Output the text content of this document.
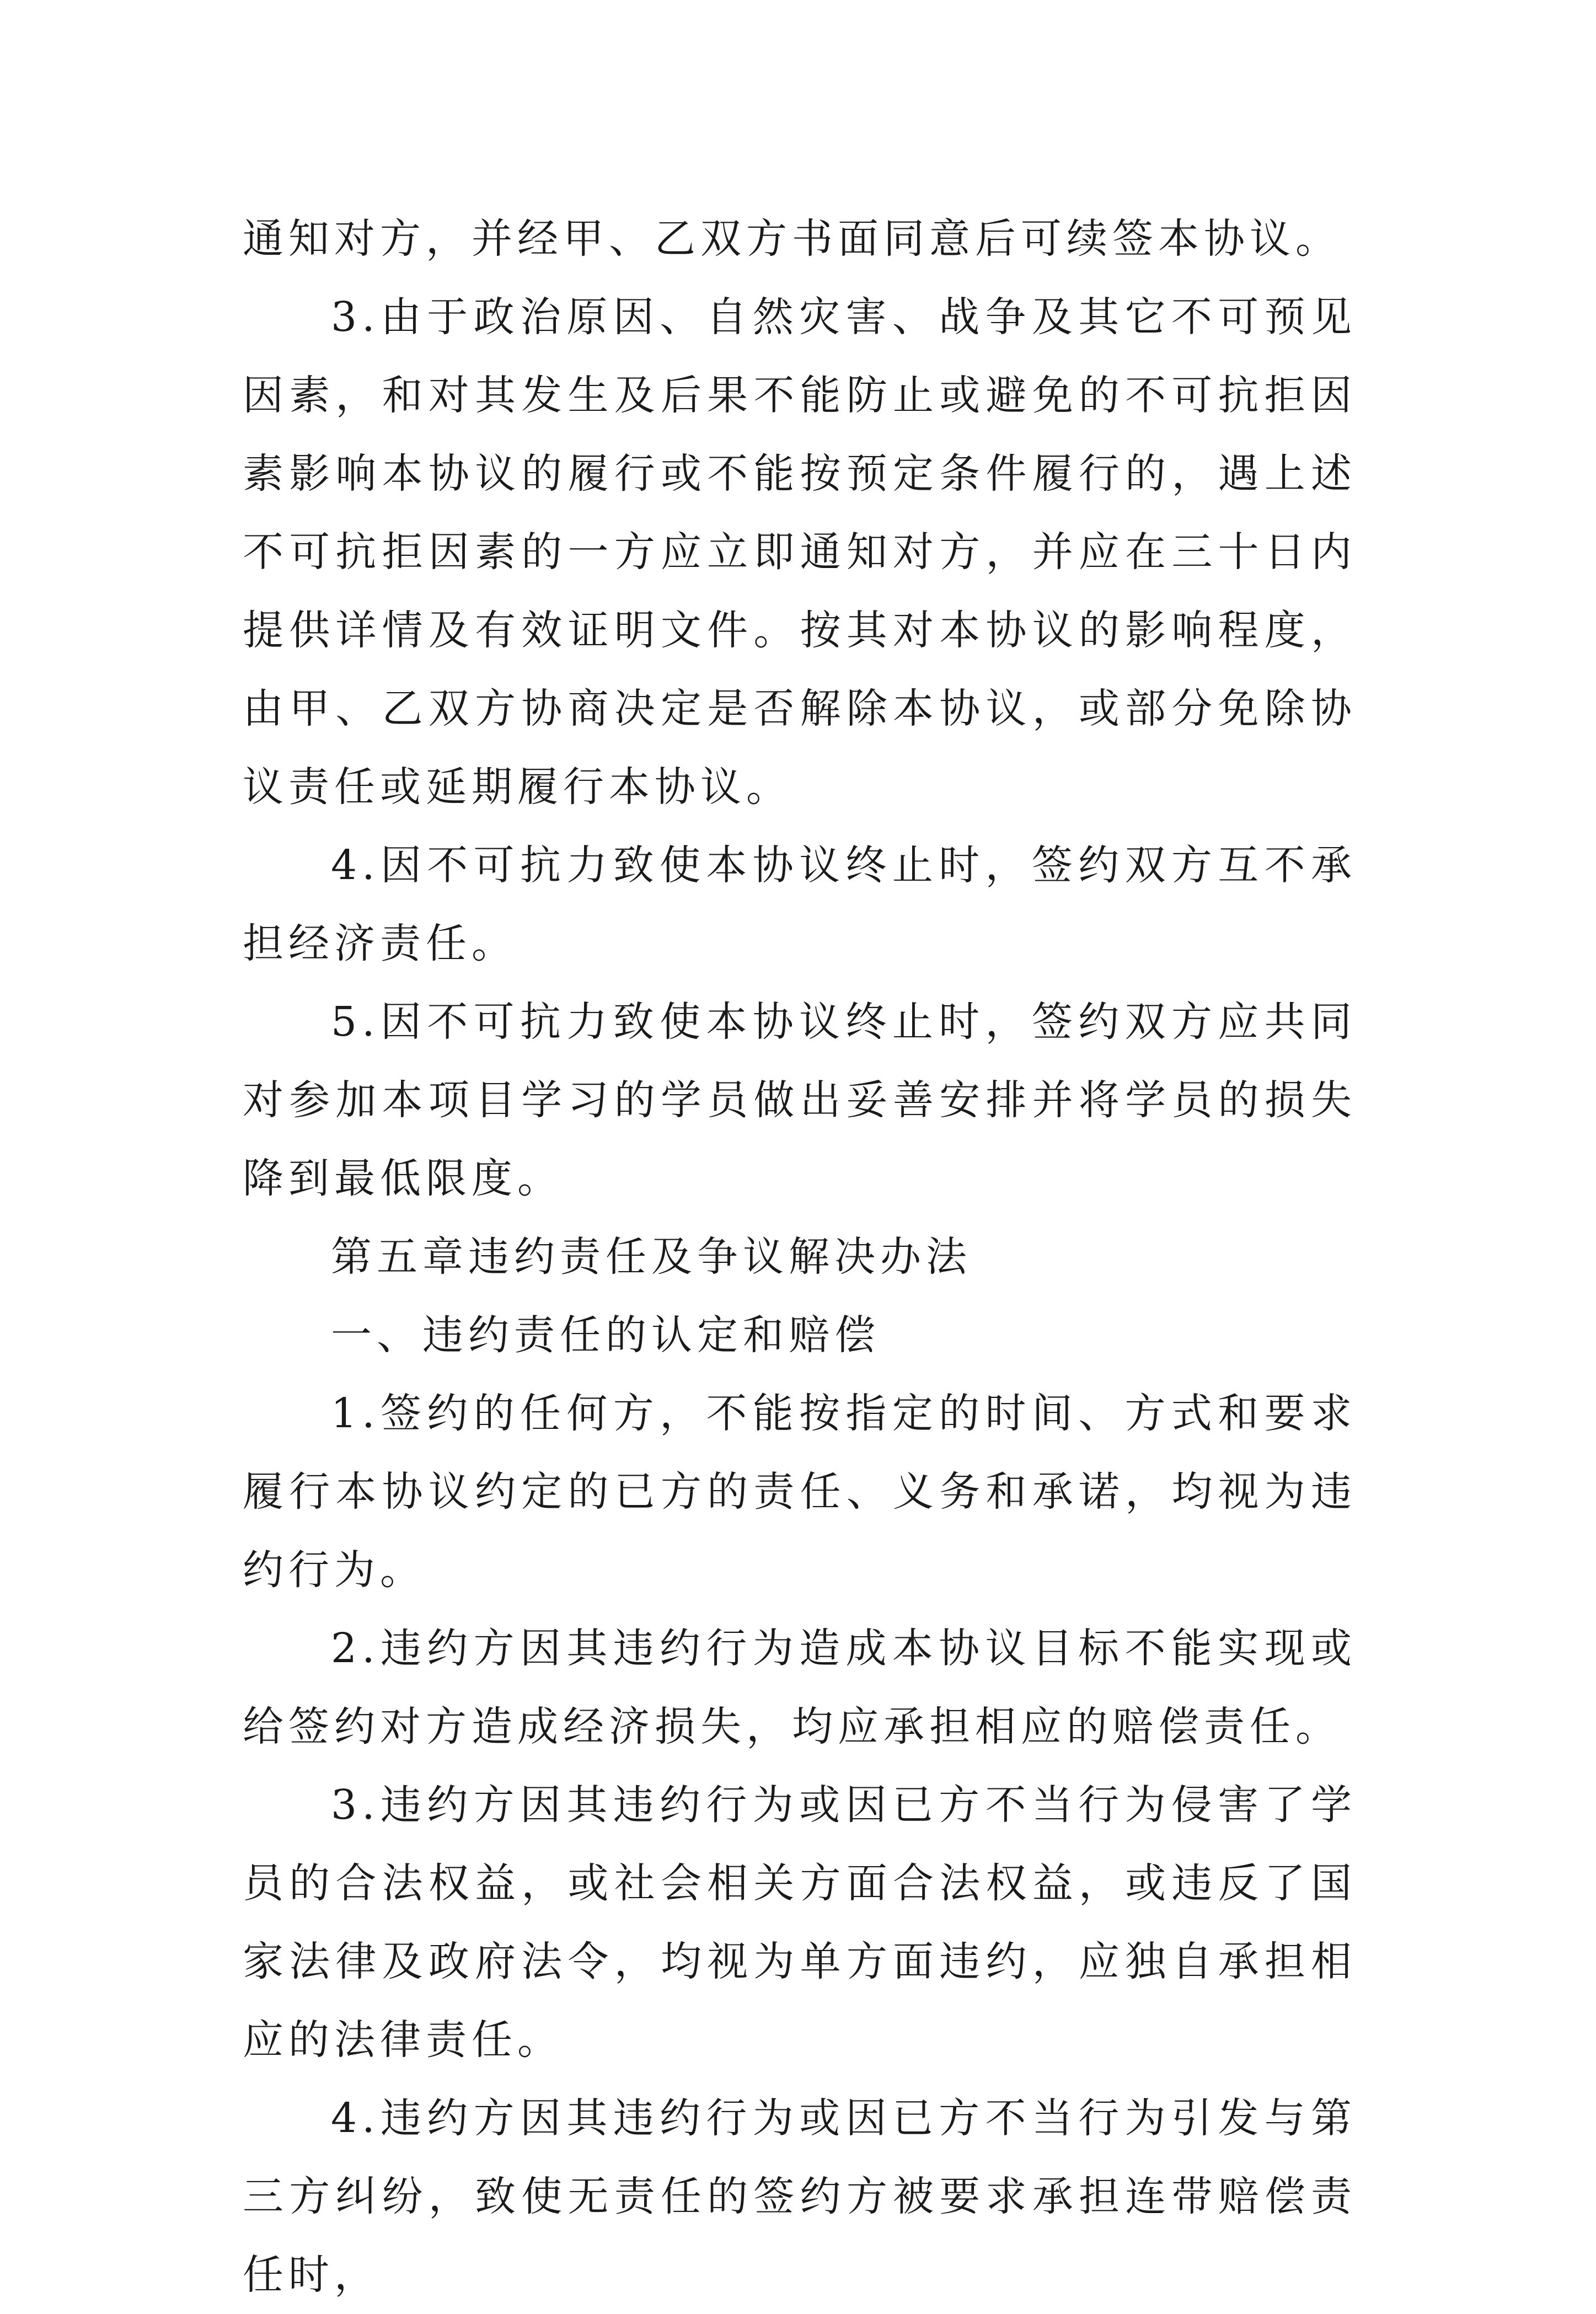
通知对方，并经甲、乙双方书面同意后可续签本协议。

3.由于政治原因、自然灾害、战争及其它不可预见因素，和对其发生及后果不能防止或避免的不可抗拒因素影响本协议的履行或不能按预定条件履行的，遇上述不可抗拒因素的一方应立即通知对方，并应在三十日内提供详情及有效证明文件。按其对本协议的影响程度，由甲、乙双方协商决定是否解除本协议，或部分免除协议责任或延期履行本协议。

4.因不可抗力致使本协议终止时，签约双方互不承担经济责任。

5.因不可抗力致使本协议终止时，签约双方应共同对参加本项目学习的学员做出妥善安排并将学员的损失降到最低限度。

第五章违约责任及争议解决办法

一、违约责任的认定和赔偿

1.签约的任何方，不能按指定的时间、方式和要求履行本协议约定的已方的责任、义务和承诺，均视为违约行为。

2.违约方因其违约行为造成本协议目标不能实现或给签约对方造成经济损失，均应承担相应的赔偿责任。

3.违约方因其违约行为或因已方不当行为侵害了学员的合法权益，或社会相关方面合法权益，或违反了国家法律及政府法令，均视为单方面违约，应独自承担相应的法律责任。

4.违约方因其违约行为或因已方不当行为引发与第三方纠纷，致使无责任的签约方被要求承担连带赔偿责任时，
